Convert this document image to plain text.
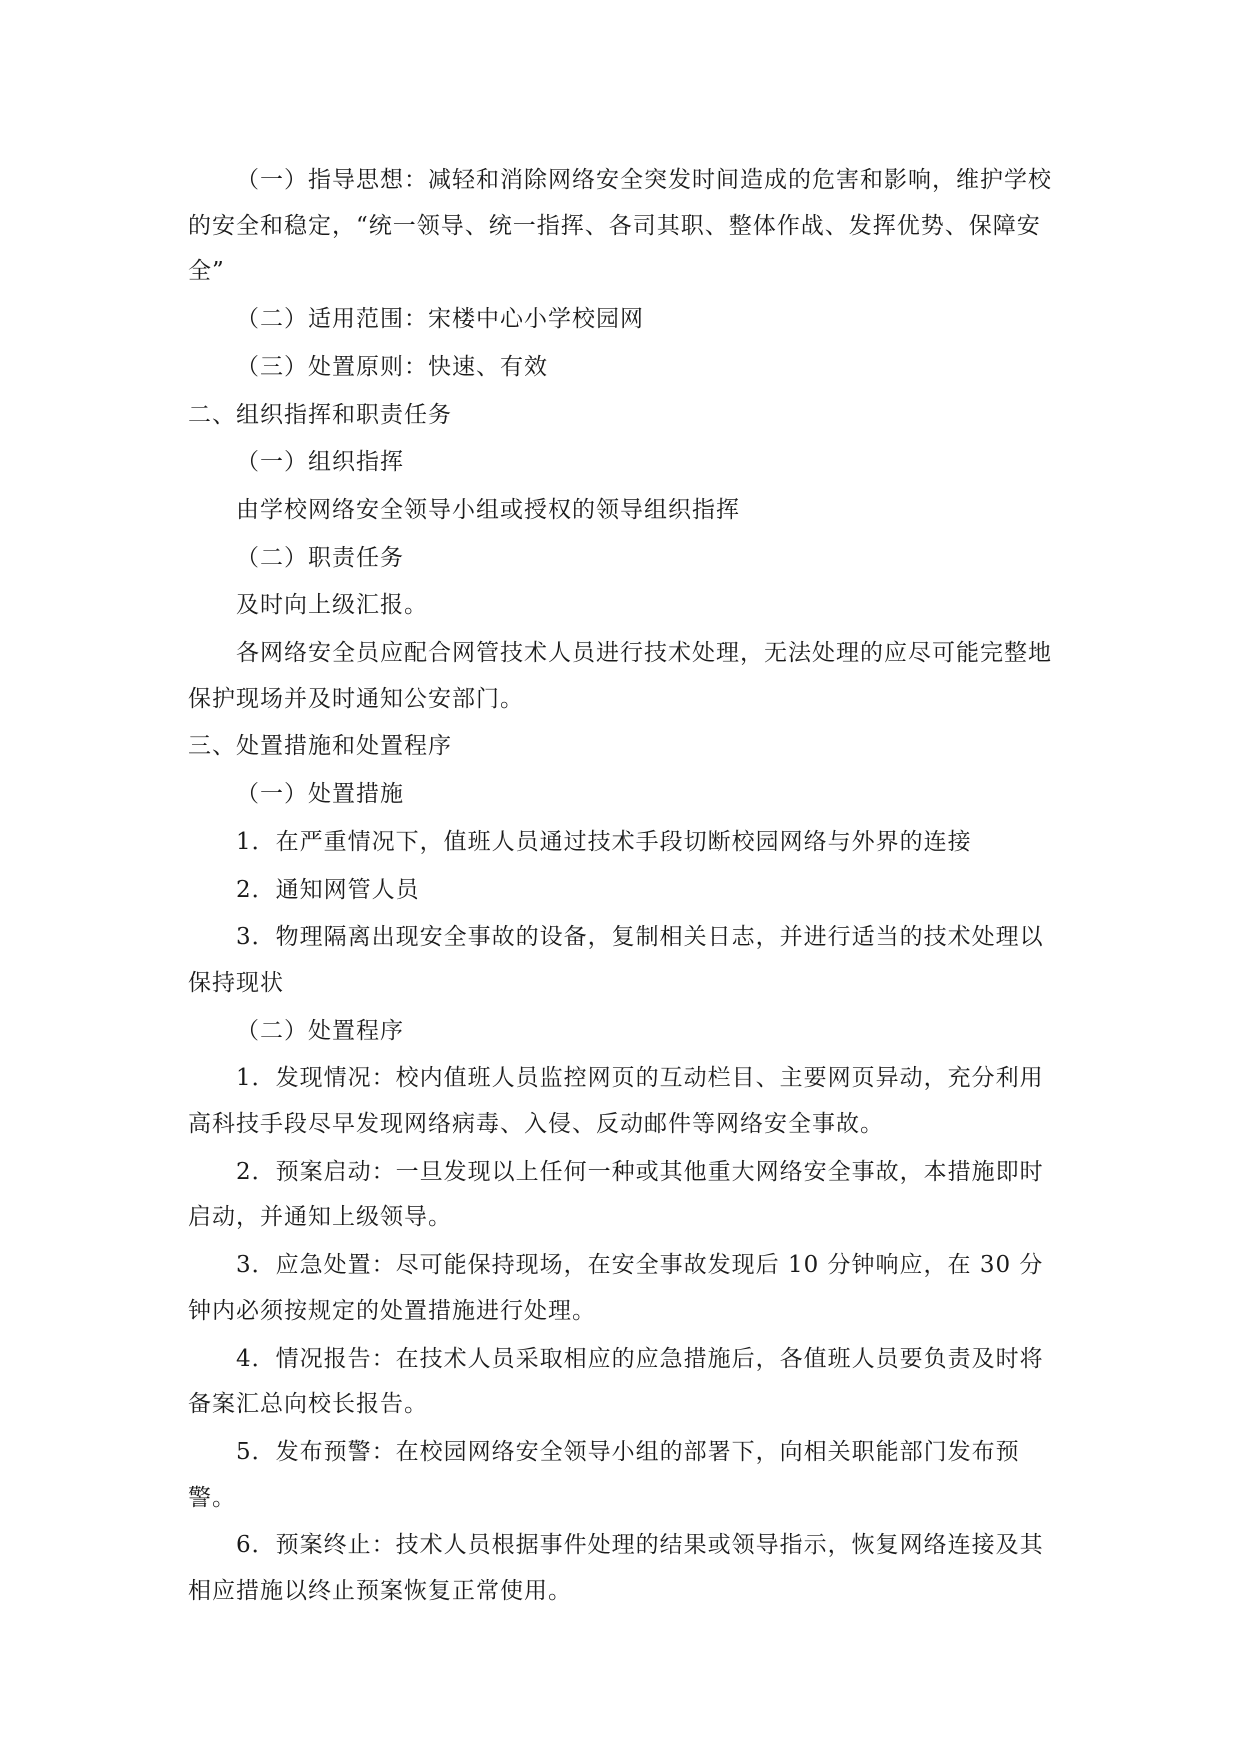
（一）指导思想：减轻和消除网络安全突发时间造成的危害和影响，维护学校的安全和稳定，“统一领导、统一指挥、各司其职、整体作战、发挥优势、保障安全”

（二）适用范围：宋楼中心小学校园网

（三）处置原则：快速、有效

二、组织指挥和职责任务

（一）组织指挥

由学校网络安全领导小组或授权的领导组织指挥

（二）职责任务

及时向上级汇报。

各网络安全员应配合网管技术人员进行技术处理，无法处理的应尽可能完整地保护现场并及时通知公安部门。

三、处置措施和处置程序

（一）处置措施

1．在严重情况下，值班人员通过技术手段切断校园网络与外界的连接

2．通知网管人员

3．物理隔离出现安全事故的设备，复制相关日志，并进行适当的技术处理以保持现状

（二）处置程序

1．发现情况：校内值班人员监控网页的互动栏目、主要网页异动，充分利用高科技手段尽早发现网络病毒、入侵、反动邮件等网络安全事故。

2．预案启动：一旦发现以上任何一种或其他重大网络安全事故，本措施即时启动，并通知上级领导。

3．应急处置：尽可能保持现场，在安全事故发现后 10 分钟响应，在 30 分钟内必须按规定的处置措施进行处理。

4．情况报告：在技术人员采取相应的应急措施后，各值班人员要负责及时将备案汇总向校长报告。

5．发布预警：在校园网络安全领导小组的部署下，向相关职能部门发布预警。

6．预案终止：技术人员根据事件处理的结果或领导指示，恢复网络连接及其相应措施以终止预案恢复正常使用。
